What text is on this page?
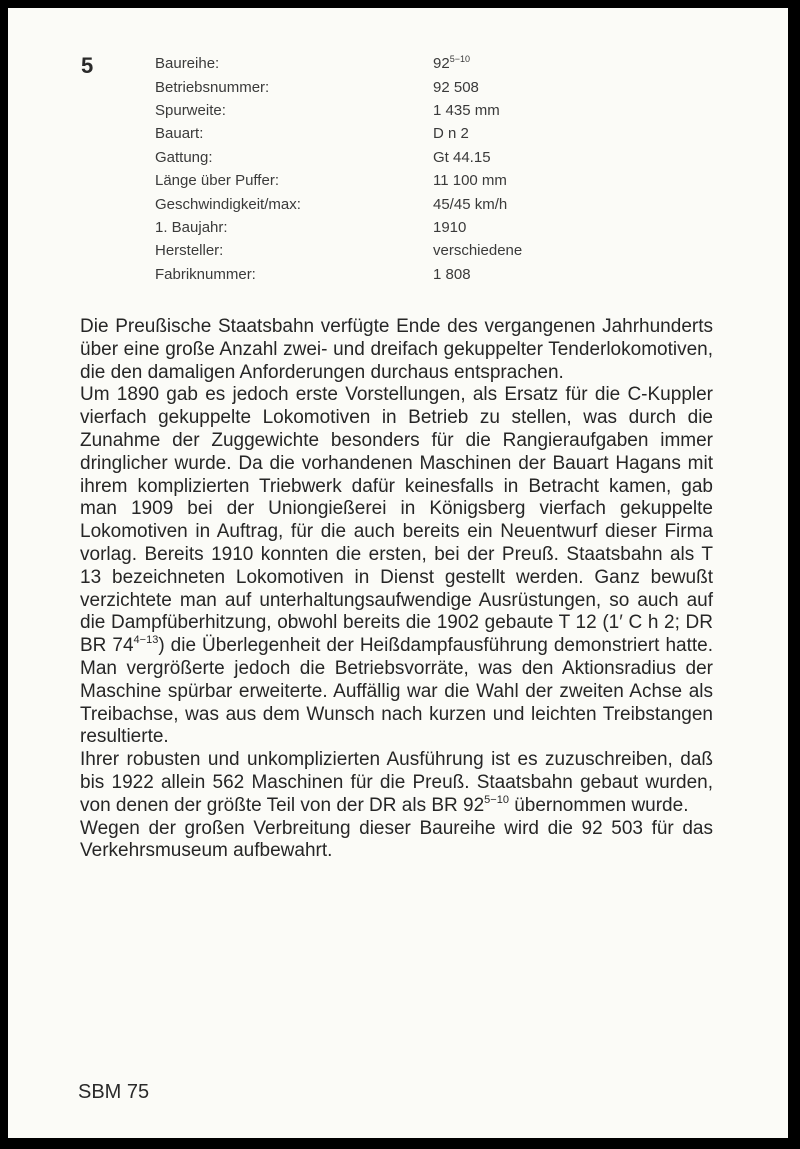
5	Baureihe:	$92^{5-10}$
Betriebsnummer:	92 508
Spurweite:	1 435 mm
Bauart:	D n 2
Gattung:	Gt 44.15
Länge über Puffer:	11 100 mm
Geschwindigkeit/max:	45/45 km/h
1. Baujahr:	1910
Hersteller:	verschiedene
Fabriknummer:	1 808

Die Preußische Staatsbahn verfügte Ende des vergangenen Jahrhunderts über eine große Anzahl zwei- und dreifach gekuppelter Tenderlokomotiven, die den damaligen Anforderungen durchaus entsprachen.

Um 1890 gab es jedoch erste Vorstellungen, als Ersatz für die C-Kuppler vierfach gekuppelte Lokomotiven in Betrieb zu stellen, was durch die Zunahme der Zuggewichte besonders für die Rangieraufgaben immer dringlicher wurde. Da die vorhandenen Maschinen der Bauart Hagans mit ihrem komplizierten Triebwerk dafür keinesfalls in Betracht kamen, gab man 1909 bei der Uniongießerei in Königsberg vierfach gekuppelte Lokomotiven in Auftrag, für die auch bereits ein Neuentwurf dieser Firma vorlag. Bereits 1910 konnten die ersten, bei der Preuß. Staatsbahn als T 13 bezeichneten Lokomotiven in Dienst gestellt werden. Ganz bewußt verzichtete man auf unterhaltungsaufwendige Ausrüstungen, so auch auf die Dampfüberhitzung, obwohl bereits die 1902 gebaute T 12 (1′ C h 2; DR BR $74^{4-13}$) die Überlegenheit der Heißdampfausführung demonstriert hatte. Man vergrößerte jedoch die Betriebsvorräte, was den Aktionsradius der Maschine spürbar erweiterte. Auffällig war die Wahl der zweiten Achse als Treibachse, was aus dem Wunsch nach kurzen und leichten Treibstangen resultierte.

Ihrer robusten und unkomplizierten Ausführung ist es zuzuschreiben, daß bis 1922 allein 562 Maschinen für die Preuß. Staatsbahn gebaut wurden, von denen der größte Teil von der DR als BR $92^{5-10}$ übernommen wurde.

Wegen der großen Verbreitung dieser Baureihe wird die 92 503 für das Verkehrsmuseum aufbewahrt.

SBM 75
